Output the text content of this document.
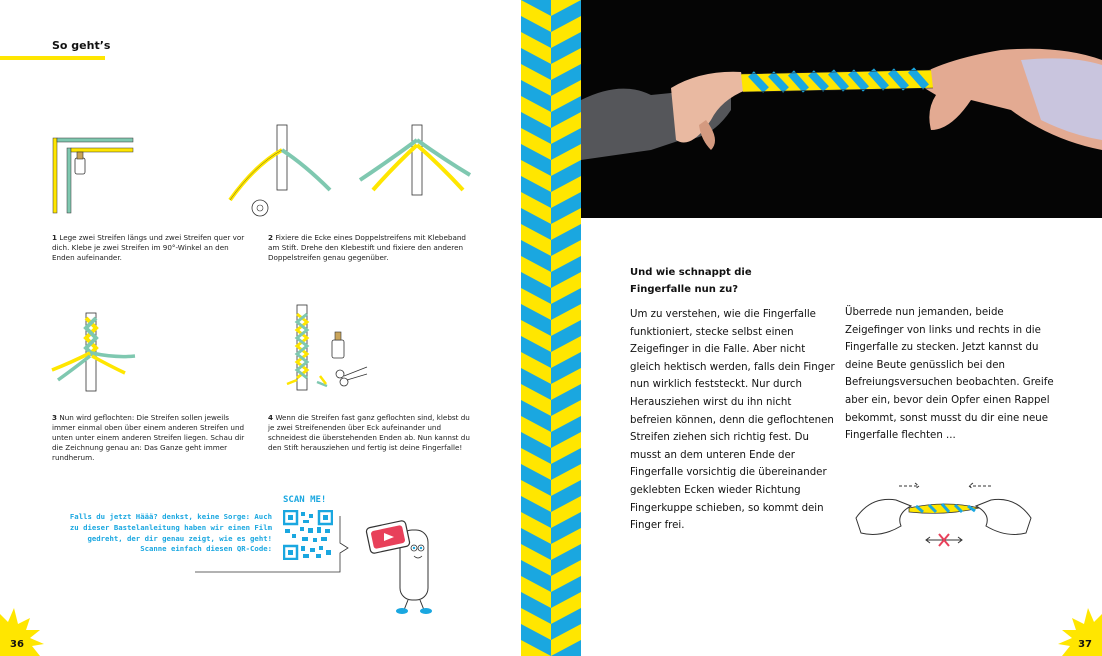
So geht’s
1 Lege zwei Streifen längs und zwei Streifen quer vor dich. Klebe je zwei Streifen im 90°-Winkel an den Enden aufeinander.
2 Fixiere die Ecke eines Doppelstreifens mit Klebeband am Stift. Drehe den Klebestift und fixiere den anderen Doppelstreifen genau gegenüber.
3 Nun wird geflochten: Die Streifen sollen jeweils immer einmal oben über einem anderen Streifen und unten unter einem anderen Streifen liegen. Schau dir die Zeichnung genau an: Das Ganze geht immer rundherum.
4 Wenn die Streifen fast ganz geflochten sind, klebst du je zwei Streifenenden über Eck aufeinander und schneidest die überstehenden Enden ab. Nun kannst du den Stift herausziehen und fertig ist deine Fingerfalle!
Falls du jetzt Häää? denkst, keine Sorge: Auch zu dieser Bastelanleitung haben wir einen Film gedreht, der dir genau zeigt, wie es geht! Scanne einfach diesen QR-Code:
SCAN ME!
36
Und wie schnappt die Fingerfalle nun zu?
Um zu verstehen, wie die Fingerfalle funktioniert, stecke selbst einen Zeigefinger in die Falle. Aber nicht gleich hektisch werden, falls dein Finger nun wirklich feststeckt. Nur durch Herausziehen wirst du ihn nicht befreien können, denn die geflochtenen Streifen ziehen sich richtig fest. Du musst an dem unteren Ende der Fingerfalle vorsichtig die übereinander geklebten Ecken wieder Richtung Fingerkuppe schieben, so kommt dein Finger frei.
Überrede nun jemanden, beide Zeigefinger von links und rechts in die Fingerfalle zu stecken. Jetzt kannst du deine Beute genüsslich bei den Befreiungsversuchen beobachten. Greife aber ein, bevor dein Opfer einen Rappel bekommt, sonst musst du dir eine neue Fingerfalle flechten ...
37
